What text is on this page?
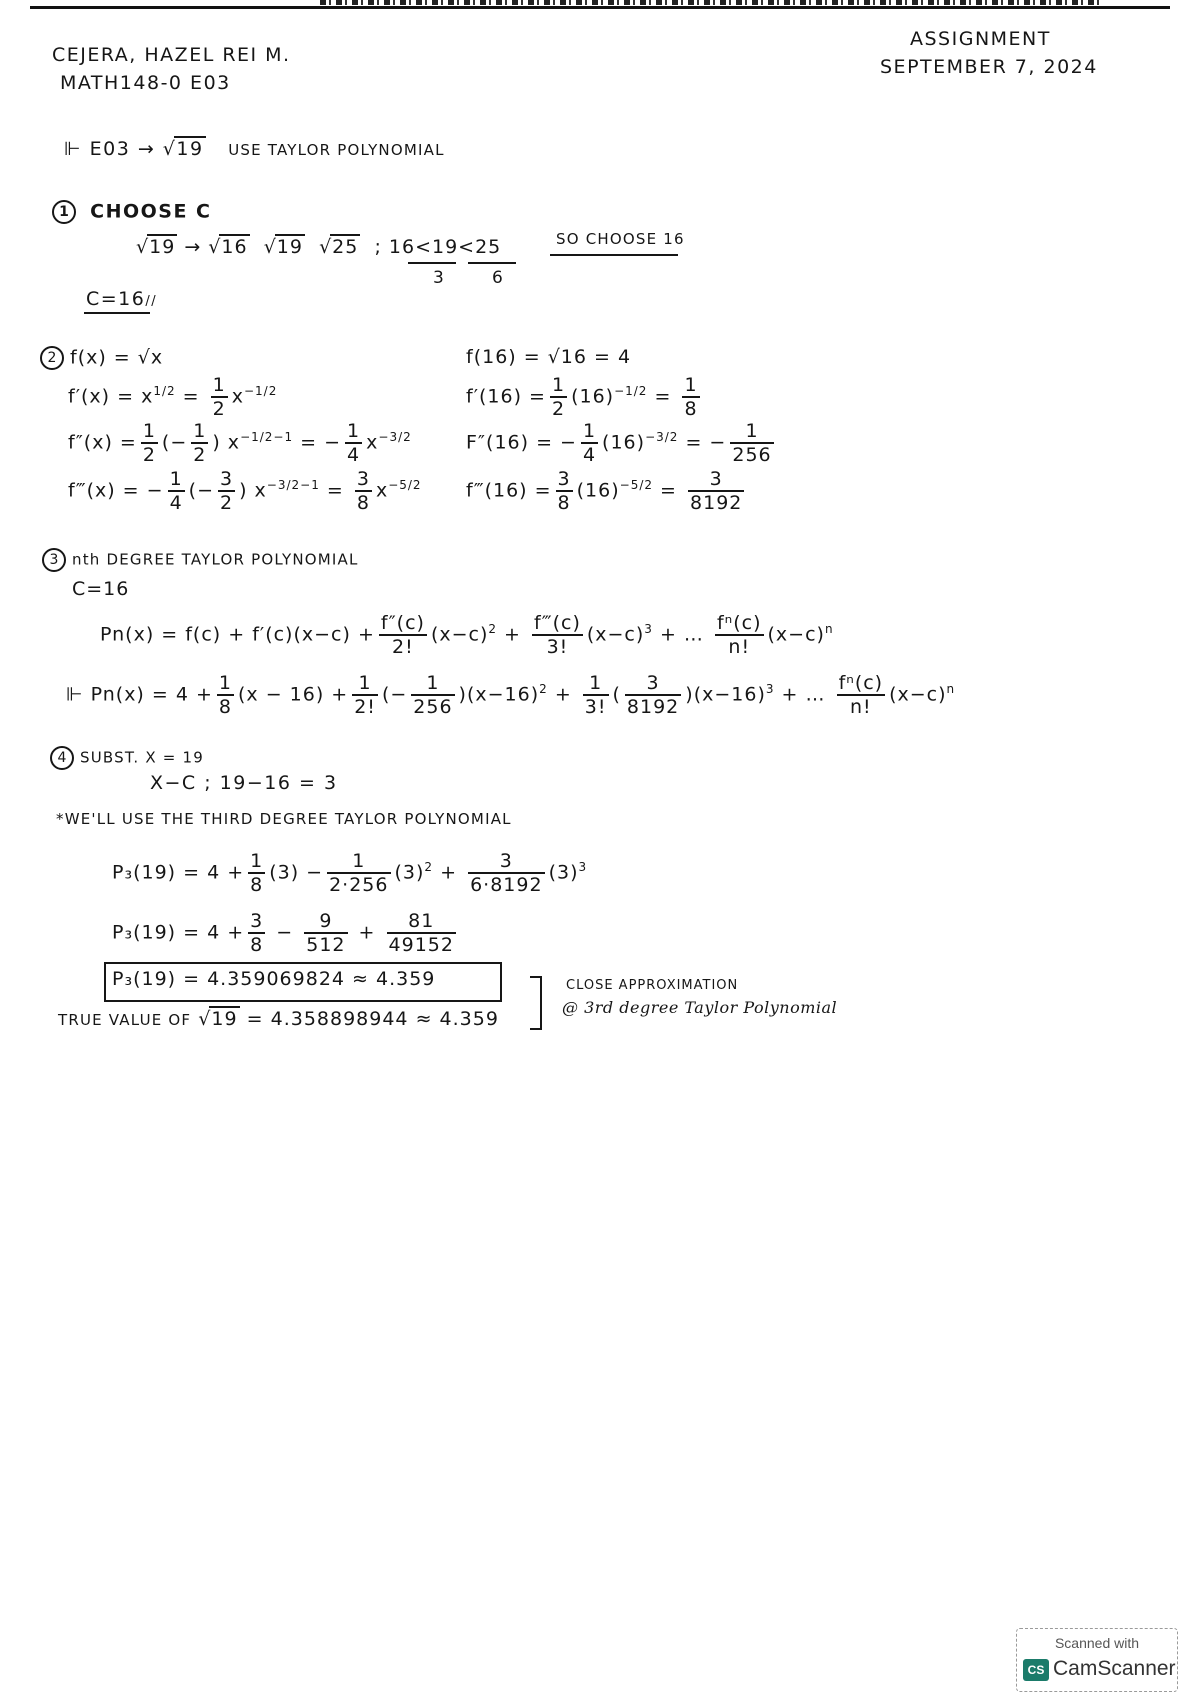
CEJERA, HAZEL REI M.
MATH148-0 E03
ASSIGNMENT
SEPTEMBER 7, 2024
⊩ E03 → √19 USE TAYLOR POLYNOMIAL
1 CHOOSE C
√19 → √16  √19  √25  ; 16<19<25
3	6
SO CHOOSE 16
C=16//
2 f(x) = √x
$f'(x) = x^{1/2} = \frac{1}{2} x^{-1/2}$
$f''(x) = \frac{1}{2}$ (− $\frac{1}{2}$ ) $x^{-1/2-1}$ = − $\frac{1}{4} x^{-3/2}$
f‴(x) = − $\frac{1}{4}$ (− $\frac{3}{2}$ ) $x^{-3/2-1} = \frac{3}{8} x^{-5/2}$
f(16) = √16 = 4
$f'(16) = \frac{1}{2} (16)^{-1/2} = \frac{1}{8}$
F″(16) = − $\frac{1}{4} (16)^{-3/2}$ = − $\frac{1}{256}$
f‴(16) = $\frac{3}{8} (16)^{-5/2} = \frac{3}{8192}$
3 nth DEGREE TAYLOR POLYNOMIAL
C=16
$Pn(x) = f(c) + f'(c)(x-c) + \frac{f''(c)}{2!} (x-c)^2 + \frac{f‴(c)}{3!} (x-c)^3$ + … $\frac{\text{fⁿ(c)}}{n!} (x-c)^n$
⊩ $Pn(x) = 4 + \frac{1}{8} (x - 16) + \frac{1}{2!}$ (− $\frac{1}{256} )(x-16)^2 + \frac{1}{3!}$ ( $\frac{3}{8192} )(x-16)^3$ + … $\frac{\text{fⁿ(c)}}{n!} (x-c)^n$
4 SUBST. X = 19
X−C ; 19−16 = 3
*WE'LL USE THE THIRD DEGREE TAYLOR POLYNOMIAL
$P_3(19) = 4 + \frac{1}{8} (3) - \frac{1}{2\cdot 256} (3)^2 + \frac{3}{6\cdot 8192} (3)^3$
$P_3(19) = 4 + \frac{3}{8} - \frac{9}{512} + \frac{81}{49152}$
P₃(19) = 4.359069824 ≈ 4.359
TRUE VALUE OF √19 = 4.358898944 ≈ 4.359
CLOSE APPROXIMATION
@ 3rd degree Taylor Polynomial
Scanned with
CS CamScanner
